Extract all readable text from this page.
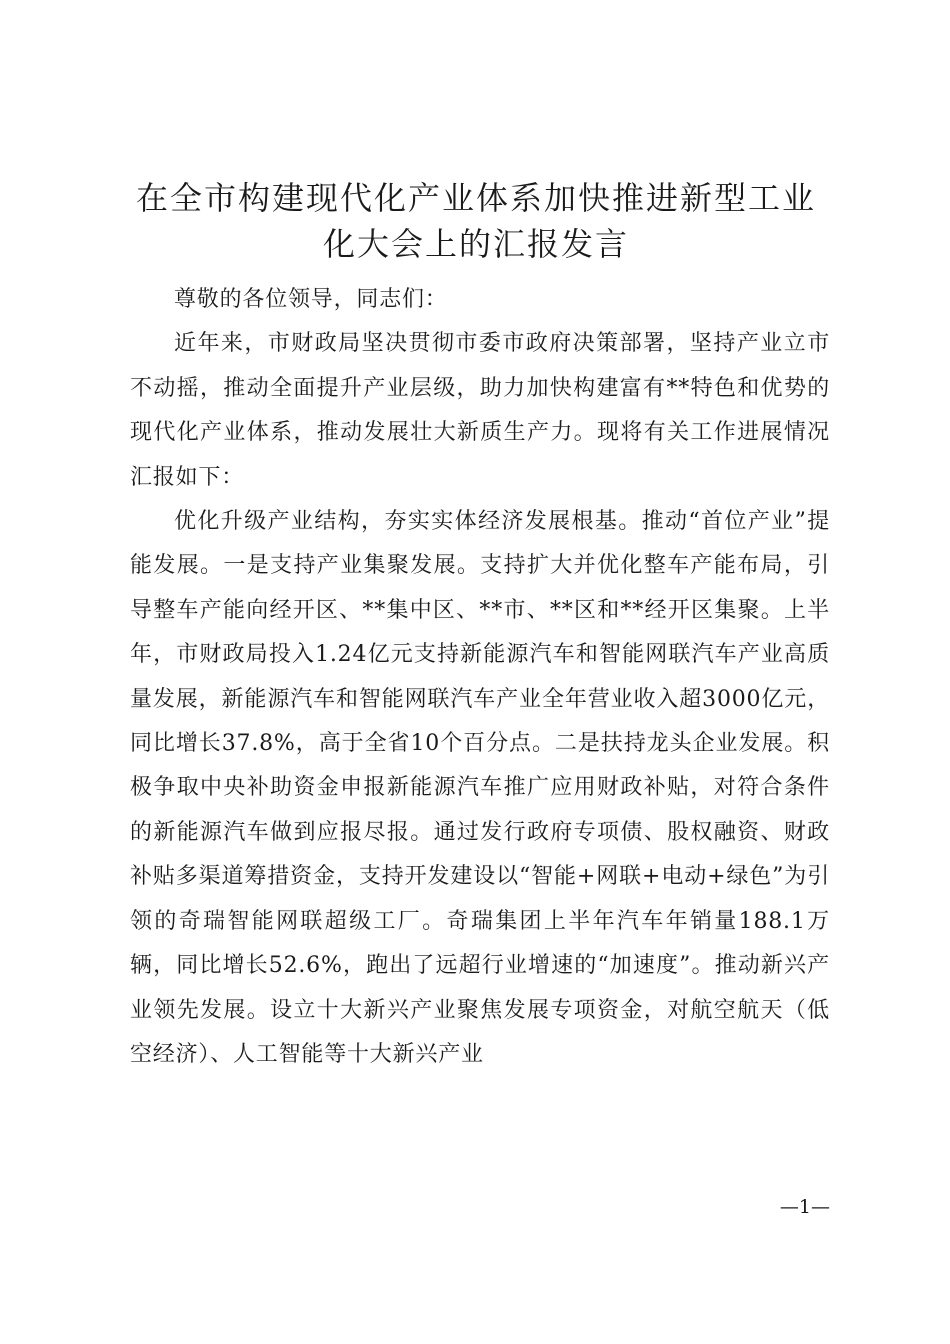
在全市构建现代化产业体系加快推进新型工业化大会上的汇报发言

尊敬的各位领导，同志们：

近年来，市财政局坚决贯彻市委市政府决策部署，坚持产业立市不动摇，推动全面提升产业层级，助力加快构建富有**特色和优势的现代化产业体系，推动发展壮大新质生产力。现将有关工作进展情况汇报如下：

优化升级产业结构，夯实实体经济发展根基。推动“首位产业”提能发展。一是支持产业集聚发展。支持扩大并优化整车产能布局，引导整车产能向经开区、**集中区、**市、**区和**经开区集聚。上半年，市财政局投入1.24亿元支持新能源汽车和智能网联汽车产业高质量发展，新能源汽车和智能网联汽车产业全年营业收入超3000亿元，同比增长37.8%，高于全省10个百分点。二是扶持龙头企业发展。积极争取中央补助资金申报新能源汽车推广应用财政补贴，对符合条件的新能源汽车做到应报尽报。通过发行政府专项债、股权融资、财政补贴多渠道筹措资金，支持开发建设以“智能+网联+电动+绿色”为引领的奇瑞智能网联超级工厂。奇瑞集团上半年汽车年销量188.1万辆，同比增长52.6%，跑出了远超行业增速的“加速度”。推动新兴产业领先发展。设立十大新兴产业聚焦发展专项资金，对航空航天（低空经济）、人工智能等十大新兴产业

—1—
